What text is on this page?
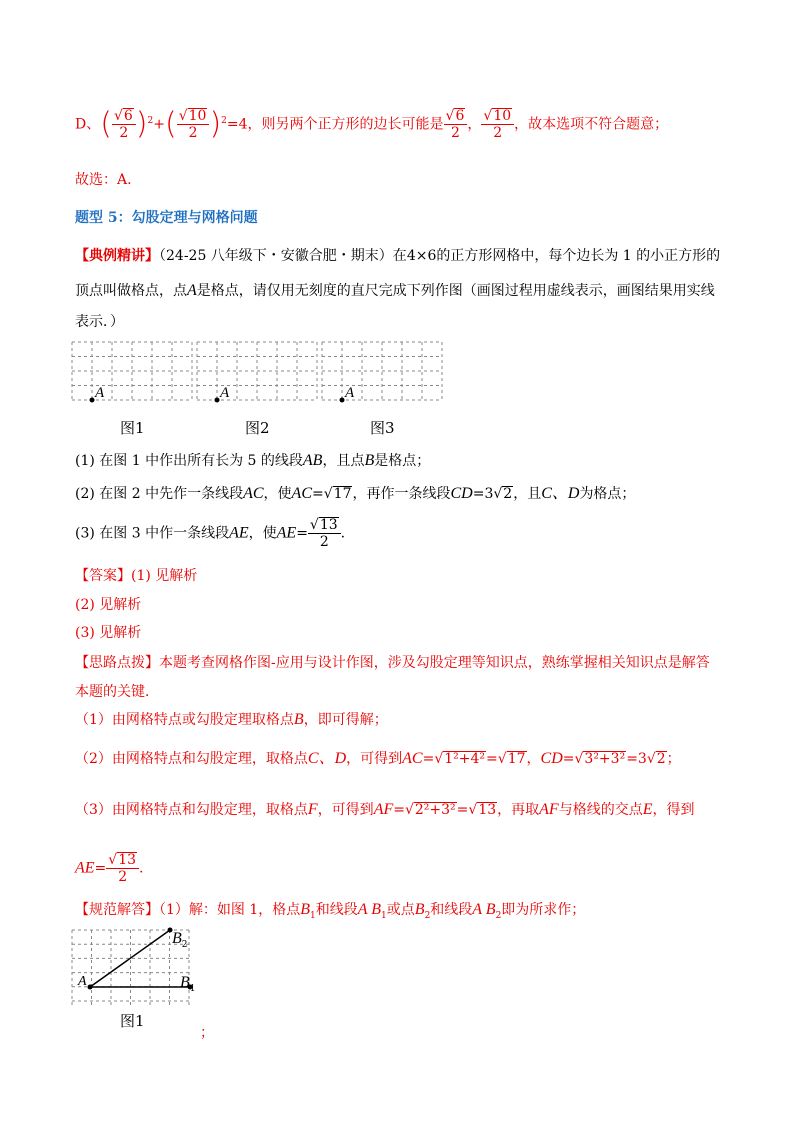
D、( $\frac{√6}{2} )^2+( \frac{√10}{2} )^2=4$，则另两个正方形的边长可能是 $\frac{√6}{2}$ ， $\frac{√10}{2}$ ，故本选项不符合题意；
故选：A.
题型 5：勾股定理与网格问题
【典例精讲】（24-25 八年级下・安徽合肥・期末）在4×6的正方形网格中，每个边长为 1 的小正方形的
顶点叫做格点，点A是格点，请仅用无刻度的直尺完成下列作图（画图过程用虚线表示，画图结果用实线
表示．）
A	A	A
图1	图2	图3
(1) 在图 1 中作出所有长为 5 的线段AB，且点B是格点；
(2) 在图 2 中先作一条线段AC，使AC=√17，再作一条线段CD=3√2，且C、D为格点；
(3) 在图 3 中作一条线段AE，使$AE= \frac{√13}{2}$ .
【答案】(1) 见解析
(2) 见解析
(3) 见解析
【思路点拨】本题考查网格作图-应用与设计作图，涉及勾股定理等知识点，熟练掌握相关知识点是解答
本题的关键．
（1）由网格特点或勾股定理取格点B，即可得解；
（2）由网格特点和勾股定理，取格点C、D，可得到AC=√1²+4²=√17，CD=√3²+3²=3√2；
（3）由网格特点和勾股定理，取格点F，可得到AF=√2²+3²=√13，再取AF与格线的交点E，得到
$AE= \frac{√13}{2}$ .
【规范解答】（1）解：如图 1，格点$B_1$和线段A $B_1$或点$B_2$和线段A $B_2$即为所求作；
A	$B_1$
$B_2$
图1
；
